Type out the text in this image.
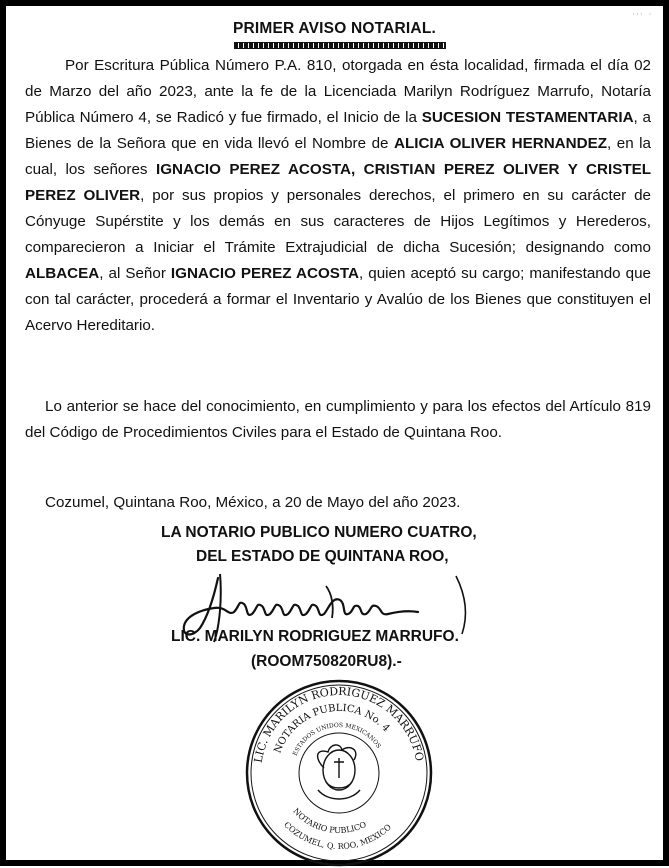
''' '
PRIMER AVISO NOTARIAL.

Por Escritura Pública Número P.A. 810, otorgada en ésta localidad, firmada el día 02 de Marzo del año 2023, ante la fe de la Licenciada Marilyn Rodríguez Marrufo, Notaría Pública Número 4, se Radicó y fue firmado, el Inicio de la SUCESION TESTAMENTARIA, a Bienes de la Señora que en vida llevó el Nombre de ALICIA OLIVER HERNANDEZ, en la cual, los señores IGNACIO PEREZ ACOSTA, CRISTIAN PEREZ OLIVER Y CRISTEL PEREZ OLIVER, por sus propios y personales derechos, el primero en su carácter de Cónyuge Supérstite y los demás en sus caracteres de Hijos Legítimos y Herederos, comparecieron a Iniciar el Trámite Extrajudicial de dicha Sucesión; designando como ALBACEA, al Señor IGNACIO PEREZ ACOSTA, quien aceptó su cargo; manifestando que con tal carácter, procederá a formar el Inventario y Avalúo de los Bienes que constituyen el Acervo Hereditario.

Lo anterior se hace del conocimiento, en cumplimiento y para los efectos del Artículo 819 del Código de Procedimientos Civiles para el Estado de Quintana Roo.

Cozumel, Quintana Roo, México, a 20 de Mayo del año 2023.

LA NOTARIO PUBLICO NUMERO CUATRO,
DEL ESTADO DE QUINTANA ROO,
LIC. MARILYN RODRIGUEZ MARRUFO.
(ROOM750820RU8).-
LIC. MARILYN RODRIGUEZ MARRUFO
NOTARIA PUBLICA No. 4
ESTADOS UNIDOS MEXICANOS
NOTARIO PUBLICO
COZUMEL, Q. ROO, MEXICO
